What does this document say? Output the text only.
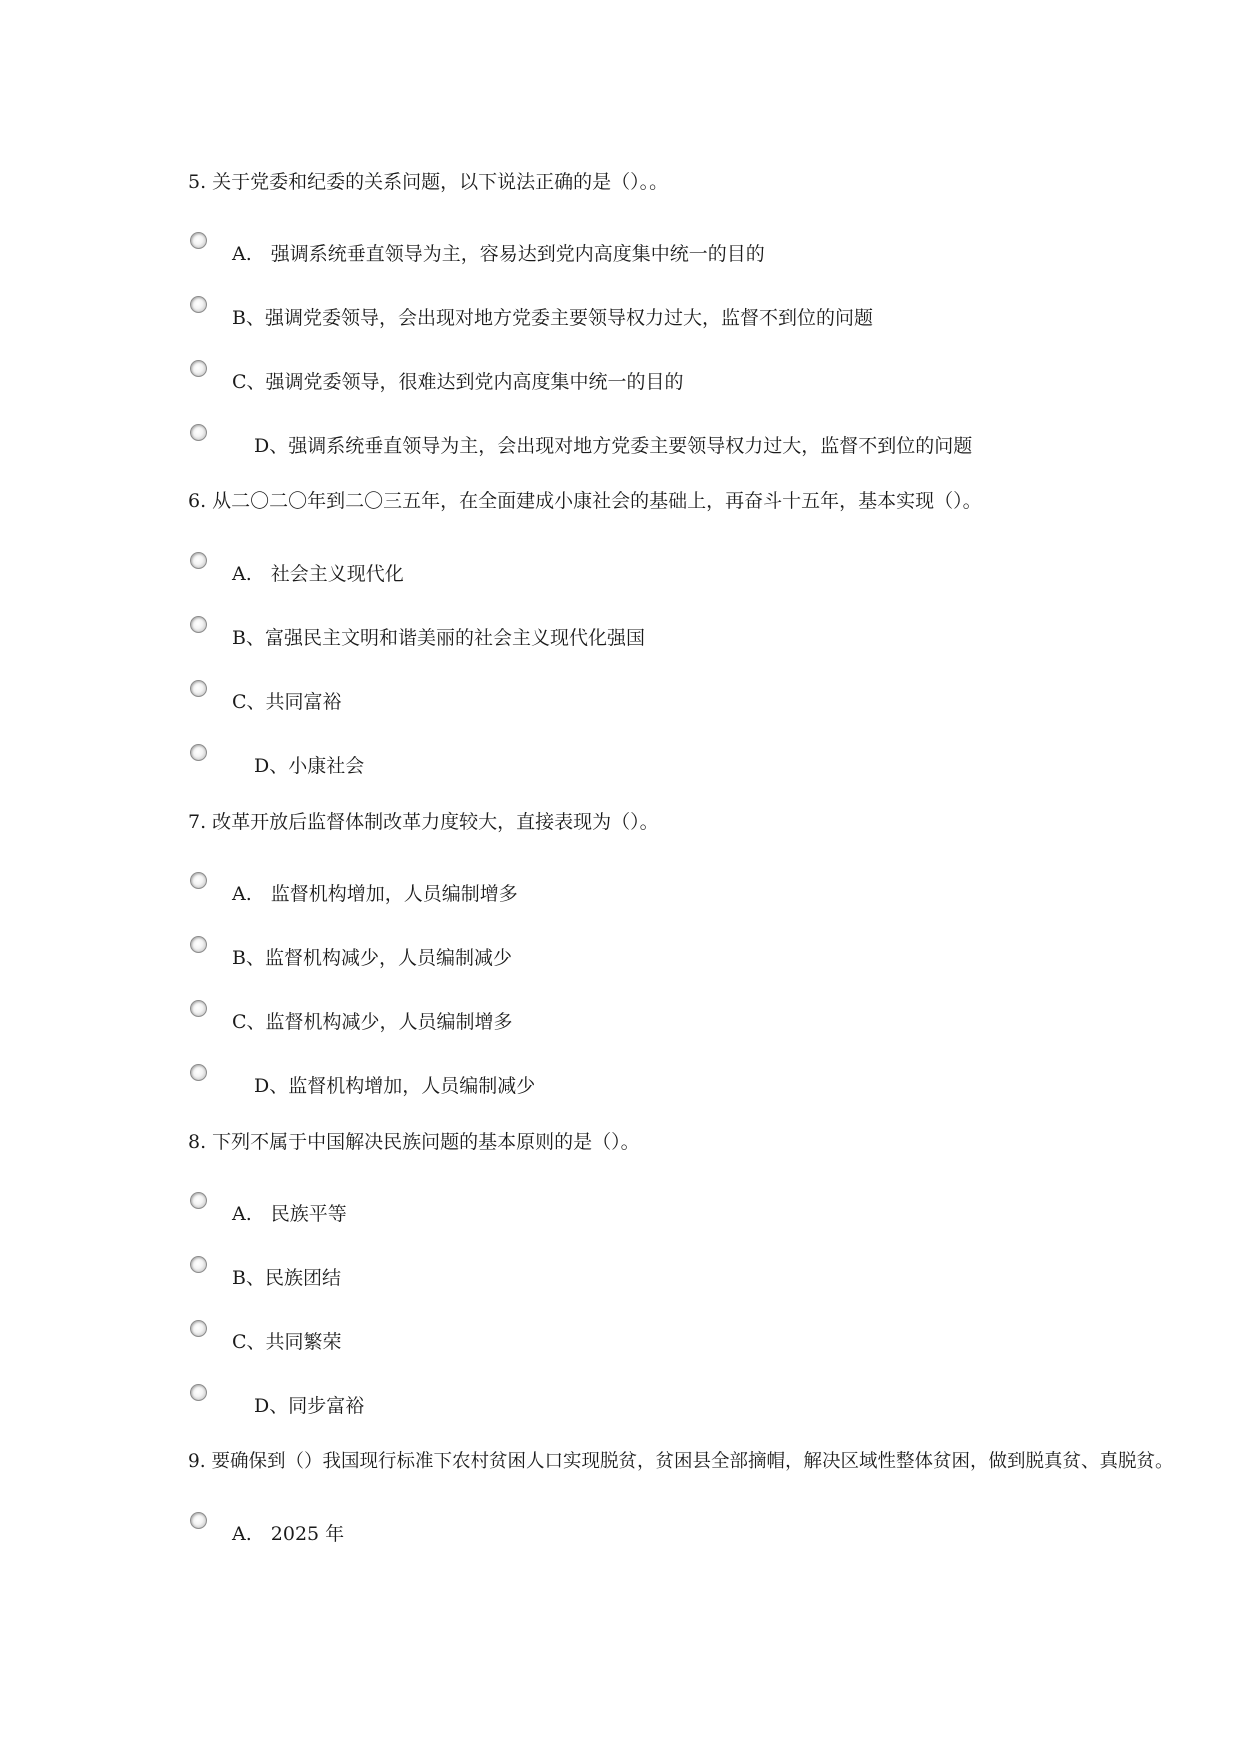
5. 关于党委和纪委的关系问题，以下说法正确的是（）。。
A.　强调系统垂直领导为主，容易达到党内高度集中统一的目的
B、强调党委领导，会出现对地方党委主要领导权力过大，监督不到位的问题
C、强调党委领导，很难达到党内高度集中统一的目的
D、强调系统垂直领导为主，会出现对地方党委主要领导权力过大，监督不到位的问题
6. 从二〇二〇年到二〇三五年，在全面建成小康社会的基础上，再奋斗十五年，基本实现（）。
A.　社会主义现代化
B、富强民主文明和谐美丽的社会主义现代化强国
C、共同富裕
D、小康社会
7. 改革开放后监督体制改革力度较大，直接表现为（）。
A.　监督机构增加，人员编制增多
B、监督机构减少，人员编制减少
C、监督机构减少，人员编制增多
D、监督机构增加，人员编制减少
8. 下列不属于中国解决民族问题的基本原则的是（）。
A.　民族平等
B、民族团结
C、共同繁荣
D、同步富裕
9. 要确保到（）我国现行标准下农村贫困人口实现脱贫，贫困县全部摘帽，解决区域性整体贫困，做到脱真贫、真脱贫。
A.　2025 年
